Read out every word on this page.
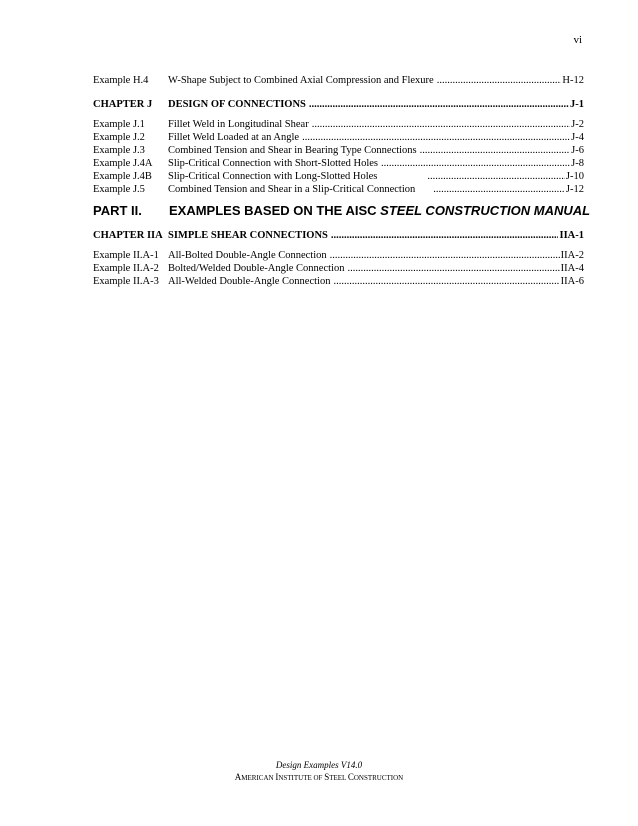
vi
Example H.4 W-Shape Subject to Combined Axial Compression and Flexure .....	H-12
CHAPTER J DESIGN OF CONNECTIONS .....	J-1
Example J.1 Fillet Weld in Longitudinal Shear .....	J-2
Example J.2 Fillet Weld Loaded at an Angle .....	J-4
Example J.3 Combined Tension and Shear in Bearing Type Connections .....	J-6
Example J.4A Slip-Critical Connection with Short-Slotted Holes .....	J-8
Example J.4B Slip-Critical Connection with Long-Slotted Holes .....	J-10
Example J.5 Combined Tension and Shear in a Slip-Critical Connection .....	J-12
PART II. EXAMPLES BASED ON THE AISC STEEL CONSTRUCTION MANUAL
CHAPTER IIA SIMPLE SHEAR CONNECTIONS .....	IIA-1
Example II.A-1 All-Bolted Double-Angle Connection .....	IIA-2
Example II.A-2 Bolted/Welded Double-Angle Connection .....	IIA-4
Example II.A-3 All-Welded Double-Angle Connection .....	IIA-6
Design Examples V14.0
AMERICAN INSTITUTE OF STEEL CONSTRUCTION
